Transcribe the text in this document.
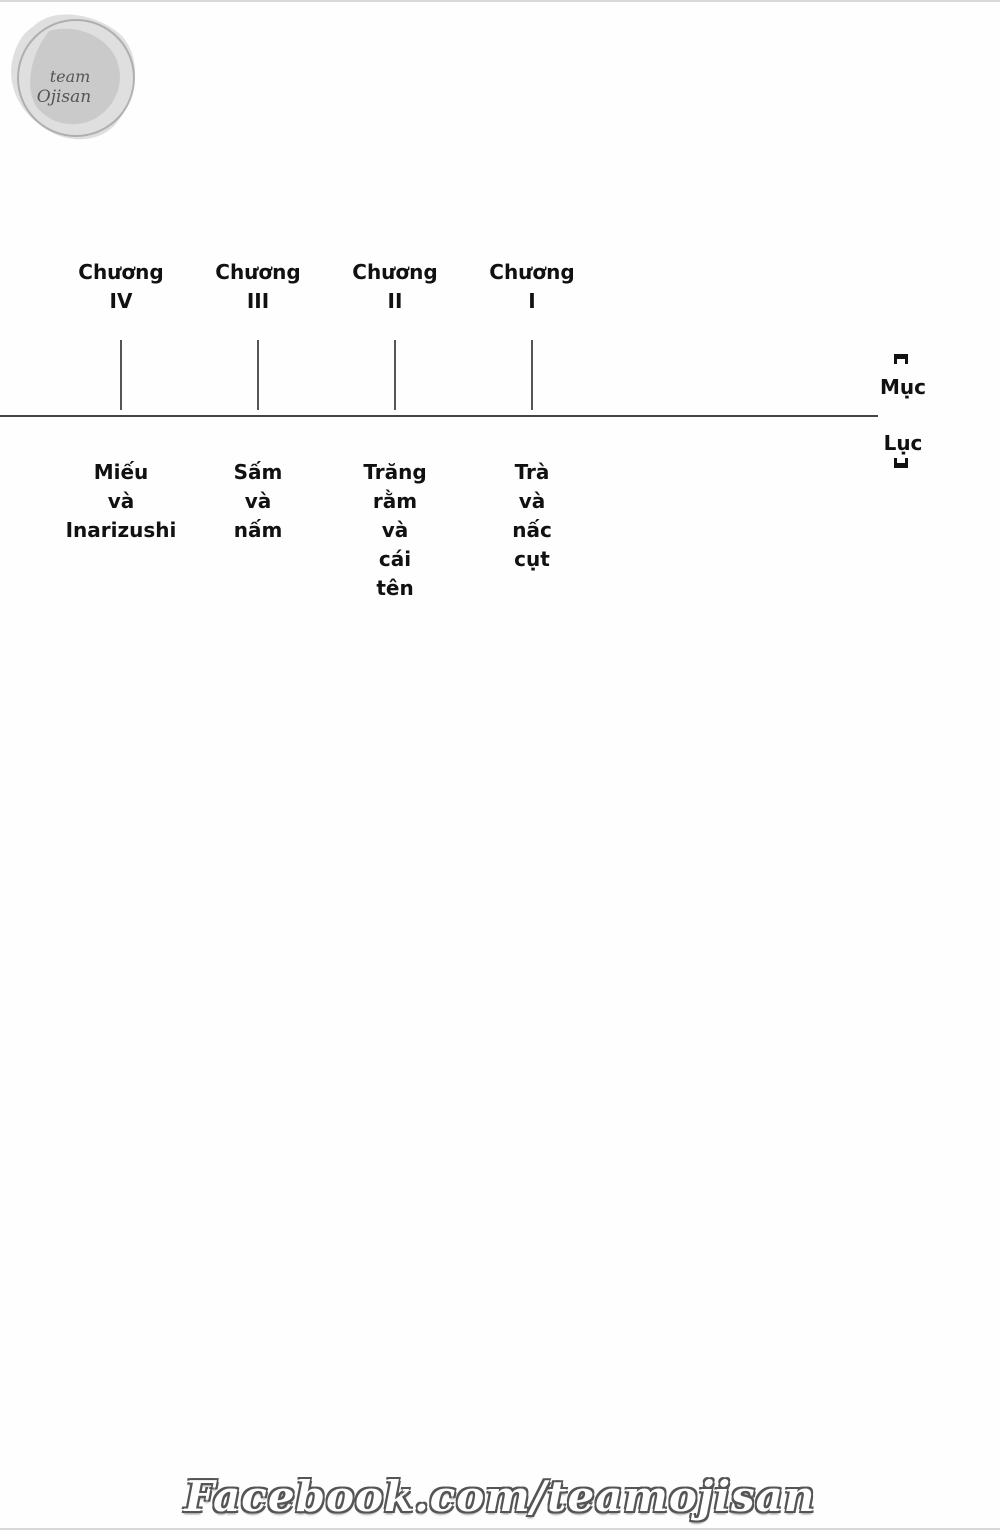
team
Ojisan
Mục
Lục
Chương
IV
Miếu
và
Inarizushi
Chương
III
Sấm
và
nấm
Chương
II
Trăng
rằm
và
cái
tên
Chương
I
Trà
và
nấc
cụt
Facebook.com/teamojisan
